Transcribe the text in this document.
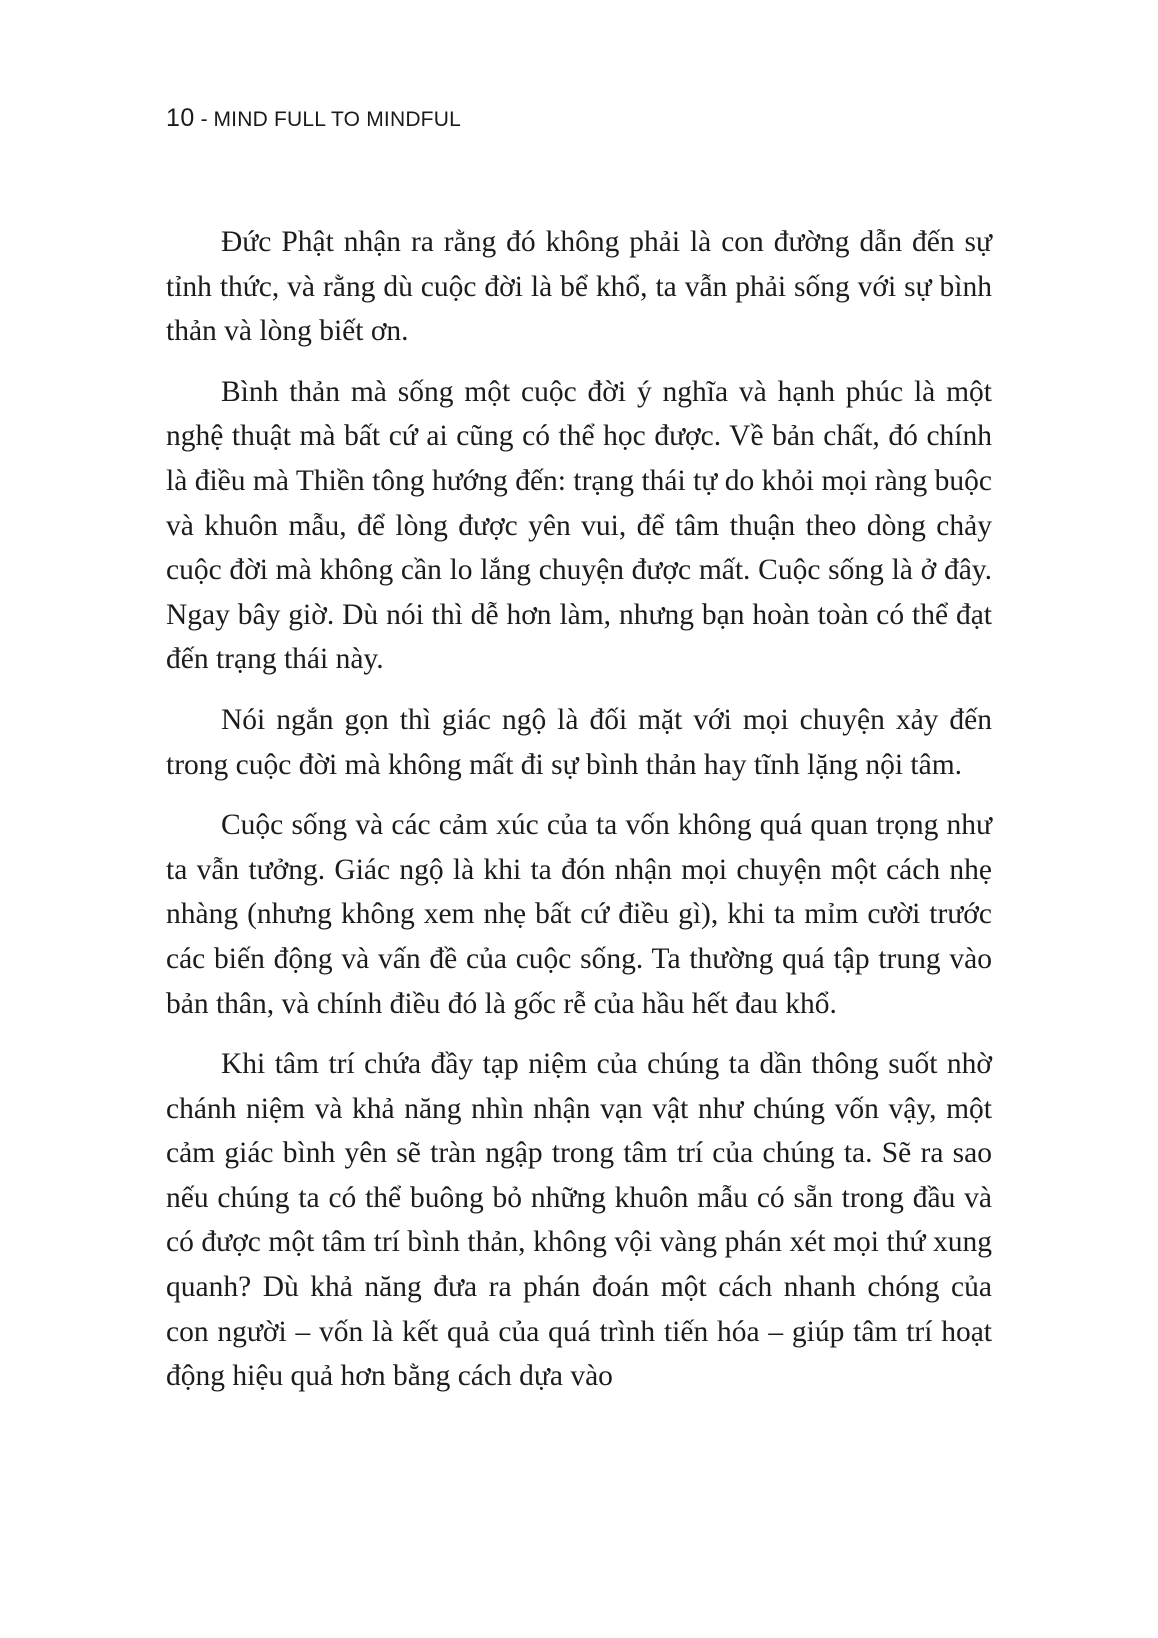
10 - MIND FULL TO MINDFUL

Đức Phật nhận ra rằng đó không phải là con đường dẫn đến sự tỉnh thức, và rằng dù cuộc đời là bể khổ, ta vẫn phải sống với sự bình thản và lòng biết ơn.

Bình thản mà sống một cuộc đời ý nghĩa và hạnh phúc là một nghệ thuật mà bất cứ ai cũng có thể học được. Về bản chất, đó chính là điều mà Thiền tông hướng đến: trạng thái tự do khỏi mọi ràng buộc và khuôn mẫu, để lòng được yên vui, để tâm thuận theo dòng chảy cuộc đời mà không cần lo lắng chuyện được mất. Cuộc sống là ở đây. Ngay bây giờ. Dù nói thì dễ hơn làm, nhưng bạn hoàn toàn có thể đạt đến trạng thái này.

Nói ngắn gọn thì giác ngộ là đối mặt với mọi chuyện xảy đến trong cuộc đời mà không mất đi sự bình thản hay tĩnh lặng nội tâm.

Cuộc sống và các cảm xúc của ta vốn không quá quan trọng như ta vẫn tưởng. Giác ngộ là khi ta đón nhận mọi chuyện một cách nhẹ nhàng (nhưng không xem nhẹ bất cứ điều gì), khi ta mỉm cười trước các biến động và vấn đề của cuộc sống. Ta thường quá tập trung vào bản thân, và chính điều đó là gốc rễ của hầu hết đau khổ.

Khi tâm trí chứa đầy tạp niệm của chúng ta dần thông suốt nhờ chánh niệm và khả năng nhìn nhận vạn vật như chúng vốn vậy, một cảm giác bình yên sẽ tràn ngập trong tâm trí của chúng ta. Sẽ ra sao nếu chúng ta có thể buông bỏ những khuôn mẫu có sẵn trong đầu và có được một tâm trí bình thản, không vội vàng phán xét mọi thứ xung quanh? Dù khả năng đưa ra phán đoán một cách nhanh chóng của con người – vốn là kết quả của quá trình tiến hóa – giúp tâm trí hoạt động hiệu quả hơn bằng cách dựa vào
